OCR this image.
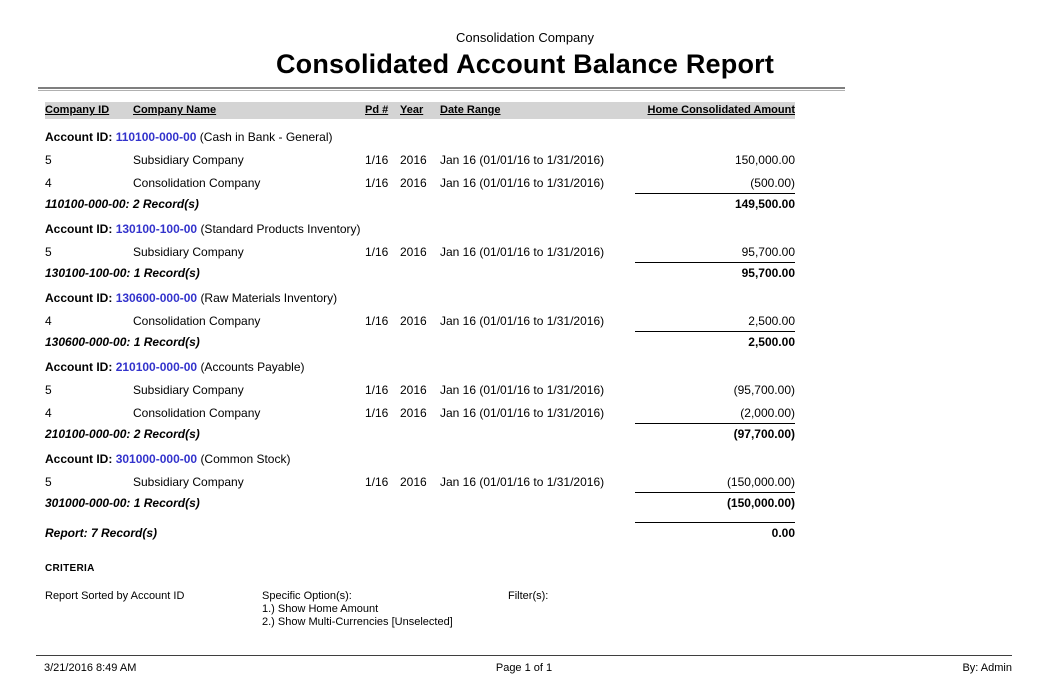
Consolidation Company
Consolidated Account Balance Report
Company ID	Company Name	Pd #	Year	Date Range	Home Consolidated Amount
Account ID: 110100-000-00 (Cash in Bank - General)
5	Subsidiary Company	1/16 2016	Jan 16 (01/01/16 to 1/31/2016)	150,000.00
4	Consolidation Company	1/16 2016	Jan 16 (01/01/16 to 1/31/2016)	(500.00)
110100-000-00: 2 Record(s)	149,500.00
Account ID: 130100-100-00 (Standard Products Inventory)
5	Subsidiary Company	1/16 2016	Jan 16 (01/01/16 to 1/31/2016)	95,700.00
130100-100-00: 1 Record(s)	95,700.00
Account ID: 130600-000-00 (Raw Materials Inventory)
4	Consolidation Company	1/16 2016	Jan 16 (01/01/16 to 1/31/2016)	2,500.00
130600-000-00: 1 Record(s)	2,500.00
Account ID: 210100-000-00 (Accounts Payable)
5	Subsidiary Company	1/16 2016	Jan 16 (01/01/16 to 1/31/2016)	(95,700.00)
4	Consolidation Company	1/16 2016	Jan 16 (01/01/16 to 1/31/2016)	(2,000.00)
210100-000-00: 2 Record(s)	(97,700.00)
Account ID: 301000-000-00 (Common Stock)
5	Subsidiary Company	1/16 2016	Jan 16 (01/01/16 to 1/31/2016)	(150,000.00)
301000-000-00: 1 Record(s)	(150,000.00)
Report: 7 Record(s)	0.00
CRITERIA
Report Sorted by Account ID	Specific Option(s):
1.) Show Home Amount
2.) Show Multi-Currencies [Unselected]
Filter(s):
3/21/2016 8:49 AM	Page 1 of 1	By: Admin
